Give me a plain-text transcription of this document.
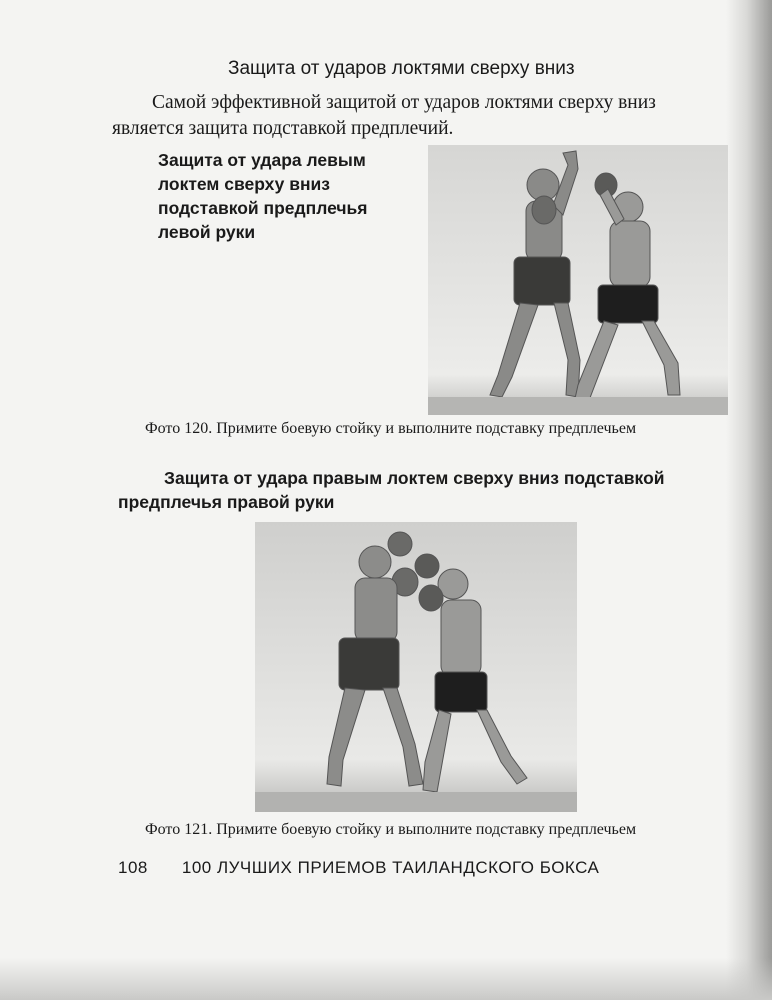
Защита от ударов локтями сверху вниз

Самой эффективной защитой от ударов локтями сверху вниз является защита подставкой предплечий.

Защита от удара левым локтем сверху вниз подставкой предплечья левой руки

Фото 120. Примите боевую стойку и выполните подставку предплечьем

Защита от удара правым локтем сверху вниз подставкой предплечья правой руки

Фото 121. Примите боевую стойку и выполните подставку предплечьем

108 100 ЛУЧШИХ ПРИЕМОВ ТАИЛАНДСКОГО БОКСА
